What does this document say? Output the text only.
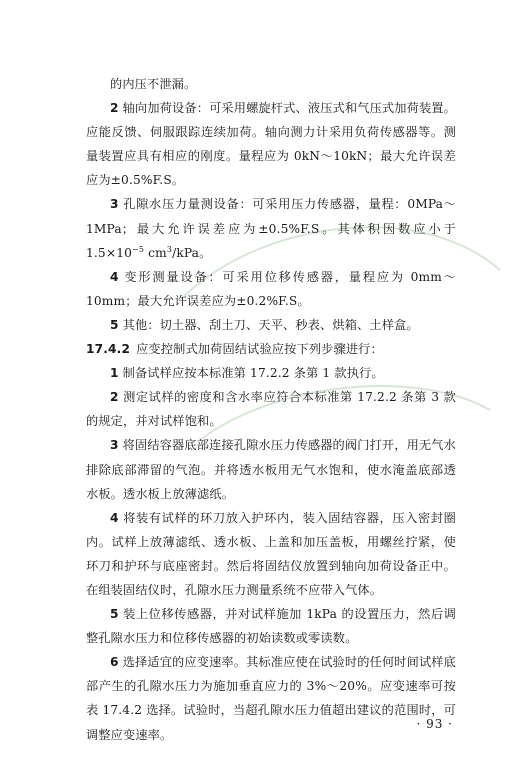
的内压不泄漏。

2 轴向加荷设备：可采用螺旋杆式、液压式和气压式加荷装置。应能反馈、伺服跟踪连续加荷。轴向测力计采用负荷传感器等。测量装置应具有相应的刚度。量程应为 0kN～10kN；最大允许误差应为±0.5%F.S。

3 孔隙水压力量测设备：可采用压力传感器，量程：0MPa～1MPa；最大允许误差应为±0.5%F.S。其体积因数应小于 $1.5\times 10^{-5}$ $cm^3$/kPa。

4 变形测量设备：可采用位移传感器，量程应为 0mm～10mm；最大允许误差应为±0.2%F.S。

5 其他：切土器、刮土刀、天平、秒表、烘箱、土样盒。

17.4.2 应变控制式加荷固结试验应按下列步骤进行：

1 制备试样应按本标准第 17.2.2 条第 1 款执行。

2 测定试样的密度和含水率应符合本标准第 17.2.2 条第 3 款的规定，并对试样饱和。

3 将固结容器底部连接孔隙水压力传感器的阀门打开，用无气水排除底部滞留的气泡。并将透水板用无气水饱和，使水淹盖底部透水板。透水板上放薄滤纸。

4 将装有试样的环刀放入护环内，装入固结容器，压入密封圈内。试样上放薄滤纸、透水板、上盖和加压盖板，用螺丝拧紧，使环刀和护环与底座密封。然后将固结仪放置到轴向加荷设备正中。在组装固结仪时，孔隙水压力测量系统不应带入气体。

5 装上位移传感器，并对试样施加 1kPa 的设置压力，然后调整孔隙水压力和位移传感器的初始读数或零读数。

6 选择适宜的应变速率。其标准应使在试验时的任何时间试样底部产生的孔隙水压力为施加垂直应力的 3%～20%。应变速率可按表 17.4.2 选择。试验时，当超孔隙水压力值超出建议的范围时，可调整应变速率。

· 93 ·
